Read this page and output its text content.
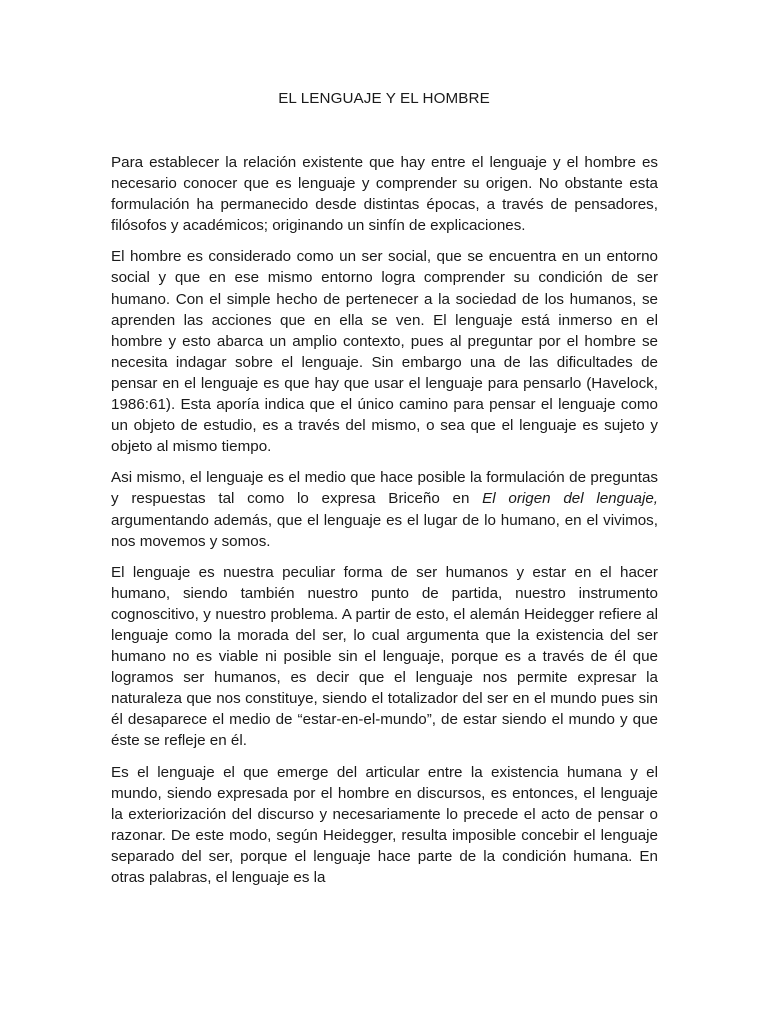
EL LENGUAJE Y EL HOMBRE

Para establecer la relación existente que hay entre el lenguaje y el hombre es necesario conocer que es lenguaje y comprender su origen. No obstante esta formulación ha permanecido desde distintas épocas, a través de pensadores, filósofos y académicos; originando un sinfín de explicaciones.

El hombre es considerado como un ser social, que se encuentra en un entorno social y que en ese mismo entorno logra comprender su condición de ser humano. Con el simple hecho de pertenecer a la sociedad de los humanos, se aprenden las acciones que en ella se ven. El lenguaje está inmerso en el hombre y esto abarca un amplio contexto, pues al preguntar por el hombre se necesita indagar sobre el lenguaje. Sin embargo una de las dificultades de pensar en el lenguaje es que hay que usar el lenguaje para pensarlo (Havelock, 1986:61). Esta aporía indica que el único camino para pensar el lenguaje como un objeto de estudio, es a través del mismo, o sea que el lenguaje es sujeto y objeto al mismo tiempo.

Asi mismo, el lenguaje es el medio que hace posible la formulación de preguntas y respuestas tal como lo expresa Briceño en El origen del lenguaje, argumentando además, que el lenguaje es el lugar de lo humano, en el vivimos, nos movemos y somos.

El lenguaje es nuestra peculiar forma de ser humanos y estar en el hacer humano, siendo también nuestro punto de partida, nuestro instrumento cognoscitivo, y nuestro problema. A partir de esto, el alemán Heidegger refiere al lenguaje como la morada del ser, lo cual argumenta que la existencia del ser humano no es viable ni posible sin el lenguaje, porque es a través de él que logramos ser humanos, es decir que el lenguaje nos permite expresar la naturaleza que nos constituye, siendo el totalizador del ser en el mundo pues sin él desaparece el medio de “estar-en-el-mundo”, de estar siendo el mundo y que éste se refleje en él.

Es el lenguaje el que emerge del articular entre la existencia humana y el mundo, siendo expresada por el hombre en discursos, es entonces, el lenguaje la exteriorización del discurso y necesariamente lo precede el acto de pensar o razonar. De este modo, según Heidegger, resulta imposible concebir el lenguaje separado del ser, porque el lenguaje hace parte de la condición humana. En otras palabras, el lenguaje es la
